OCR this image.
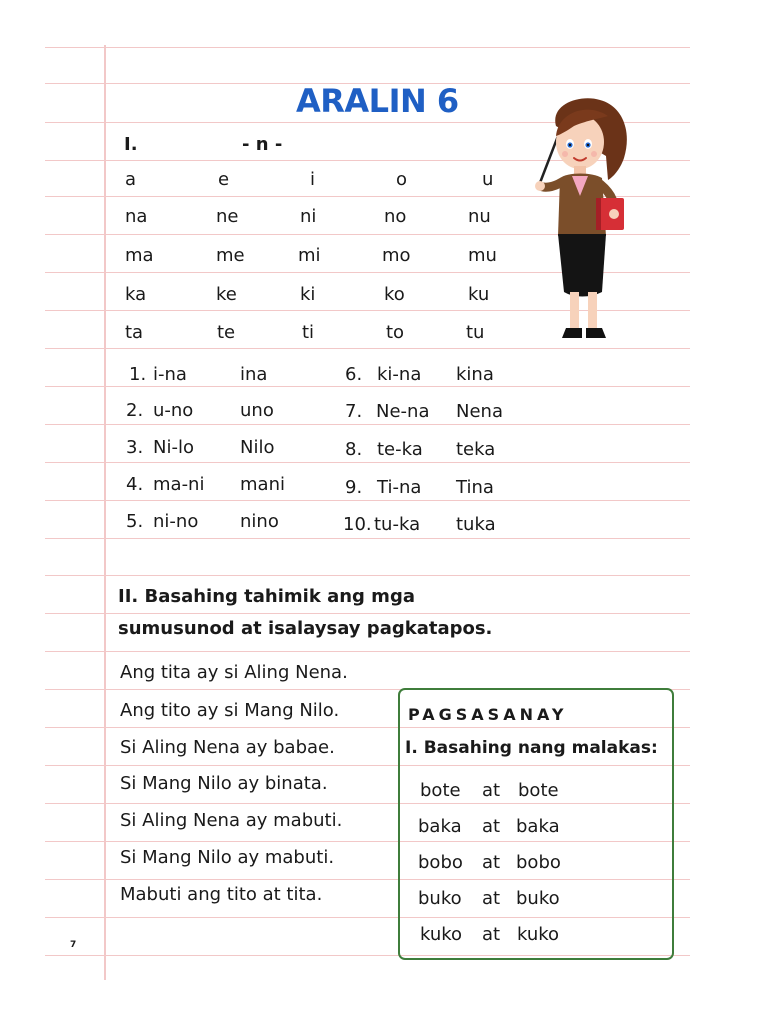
ARALIN 6
I.	- n -
a	e	i	o	u
na	ne	ni	no	nu
ma	me	mi	mo	mu
ka	ke	ki	ko	ku
ta	te	ti	to	tu
1. i-na	ina
2. u-no	uno
3. Ni-lo	Nilo
4. ma-ni mani
5. ni-no nino
6. ki-na kina
7. Ne-na Nena
8. te-ka teka
9. Ti-na Tina
10. tu-ka tuka
II. Basahing tahimik ang mga
sumusunod at isalaysay pagkatapos.
Ang tita ay si Aling Nena.
Ang tito ay si Mang Nilo.
Si Aling Nena ay babae.
Si Mang Nilo ay binata.
Si Aling Nena ay mabuti.
Si Mang Nilo ay mabuti.
Mabuti ang tito at tita.
PAGSASANAY
I. Basahing nang malakas:
bote at bote
baka at baka
bobo at bobo
buko at buko
kuko at kuko
7
